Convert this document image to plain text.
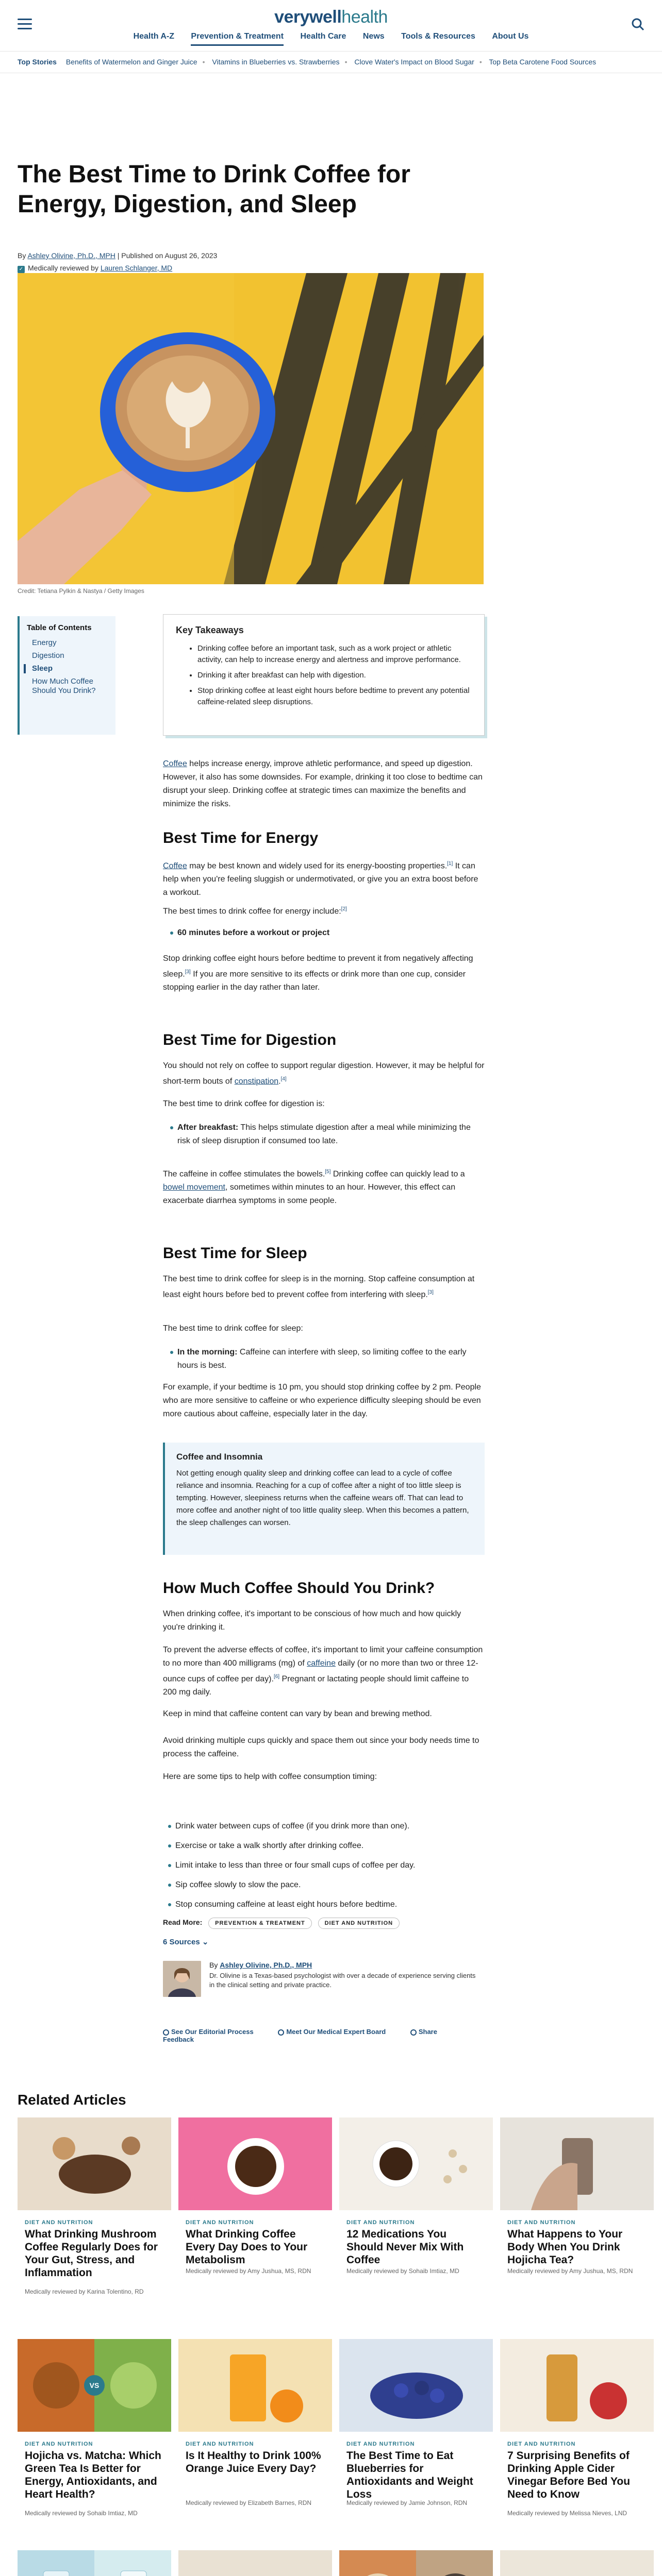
verywellhealth
Health A-Z Prevention & Treatment Health Care News Tools & Resources About Us
Top Stories Benefits of Watermelon and Ginger Juice • Vitamins in Blueberries vs. Strawberries • Clove Water's Impact on Blood Sugar • Top Beta Carotene Food Sources
The Best Time to Drink Coffee for Energy, Digestion, and Sleep
By Ashley Olivine, Ph.D., MPH | Published on August 26, 2023
✓ Medically reviewed by Lauren Schlanger, MD
Credit: Tetiana Pylkin & Nastya / Getty Images
Table of Contents
Energy
Digestion
Sleep
How Much Coffee Should You Drink?
Key Takeaways
• Drinking coffee before an important task, such as a work project or athletic activity, can help to increase energy and alertness and improve performance.
• Drinking it after breakfast can help with digestion.
• Stop drinking coffee at least eight hours before bedtime to prevent any potential caffeine-related sleep disruptions.

Coffee helps increase energy, improve athletic performance, and speed up digestion. However, it also has some downsides. For example, drinking it too close to bedtime can disrupt your sleep. Drinking coffee at strategic times can maximize the benefits and minimize the risks.

Best Time for Energy

Coffee may be best known and widely used for its energy-boosting properties.[1] It can help when you're feeling sluggish or undermotivated, or give you an extra boost before a workout.

The best times to drink coffee for energy include:[2]

60 minutes before a workout or project

Stop drinking coffee eight hours before bedtime to prevent it from negatively affecting sleep.[3] If you are more sensitive to its effects or drink more than one cup, consider stopping earlier in the day rather than later.

Best Time for Digestion

You should not rely on coffee to support regular digestion. However, it may be helpful for short-term bouts of constipation.[4]

The best time to drink coffee for digestion is:

After breakfast: This helps stimulate digestion after a meal while minimizing the risk of sleep disruption if consumed too late.

The caffeine in coffee stimulates the bowels.[5] Drinking coffee can quickly lead to a bowel movement, sometimes within minutes to an hour. However, this effect can exacerbate diarrhea symptoms in some people.

Best Time for Sleep

The best time to drink coffee for sleep is in the morning. Stop caffeine consumption at least eight hours before bed to prevent coffee from interfering with sleep.[3]

The best time to drink coffee for sleep:

In the morning: Caffeine can interfere with sleep, so limiting coffee to the early hours is best.

For example, if your bedtime is 10 pm, you should stop drinking coffee by 2 pm. People who are more sensitive to caffeine or who experience difficulty sleeping should be even more cautious about caffeine, especially later in the day.

Coffee and Insomnia
Not getting enough quality sleep and drinking coffee can lead to a cycle of coffee reliance and insomnia. Reaching for a cup of coffee after a night of too little sleep is tempting. However, sleepiness returns when the caffeine wears off. That can lead to more coffee and another night of too little quality sleep. When this becomes a pattern, the sleep challenges can worsen.
How Much Coffee Should You Drink?

When drinking coffee, it's important to be conscious of how much and how quickly you're drinking it.

To prevent the adverse effects of coffee, it's important to limit your caffeine consumption to no more than 400 milligrams (mg) of caffeine daily (or no more than two or three 12-ounce cups of coffee per day).[6] Pregnant or lactating people should limit caffeine to 200 mg daily.

Keep in mind that caffeine content can vary by bean and brewing method.

Avoid drinking multiple cups quickly and space them out since your body needs time to process the caffeine.

Here are some tips to help with coffee consumption timing:

Drink water between cups of coffee (if you drink more than one).
Exercise or take a walk shortly after drinking coffee.
Limit intake to less than three or four small cups of coffee per day.
Sip coffee slowly to slow the pace.
Stop consuming caffeine at least eight hours before bedtime.
Read More: PREVENTION & TREATMENT	DIET AND NUTRITION
6 Sources ⌄
By Ashley Olivine, Ph.D., MPH
Dr. Olivine is a Texas-based psychologist with over a decade of experience serving clients in the clinical setting and private practice.
See Our Editorial Process	Meet Our Medical Expert Board	Share Feedback
Related Articles
DIET AND NUTRITION
What Drinking Mushroom Coffee Regularly Does for Your Gut, Stress, and Inflammation
Medically reviewed by Karina Tolentino, RD
DIET AND NUTRITION
What Drinking Coffee Every Day Does to Your Metabolism
Medically reviewed by Amy Jushua, MS, RDN
DIET AND NUTRITION
12 Medications You Should Never Mix With Coffee
Medically reviewed by Sohaib Imtiaz, MD
DIET AND NUTRITION
What Happens to Your Body When You Drink Hojicha Tea?
Medically reviewed by Amy Jushua, MS, RDN
VS
DIET AND NUTRITION
Hojicha vs. Matcha: Which Green Tea Is Better for Energy, Antioxidants, and Heart Health?
Medically reviewed by Sohaib Imtiaz, MD
DIET AND NUTRITION
Is It Healthy to Drink 100% Orange Juice Every Day?
Medically reviewed by Elizabeth Barnes, RDN
DIET AND NUTRITION
The Best Time to Eat Blueberries for Antioxidants and Weight Loss
Medically reviewed by Jamie Johnson, RDN
DIET AND NUTRITION
7 Surprising Benefits of Drinking Apple Cider Vinegar Before Bed You Need to Know
Medically reviewed by Melissa Nieves, LND
